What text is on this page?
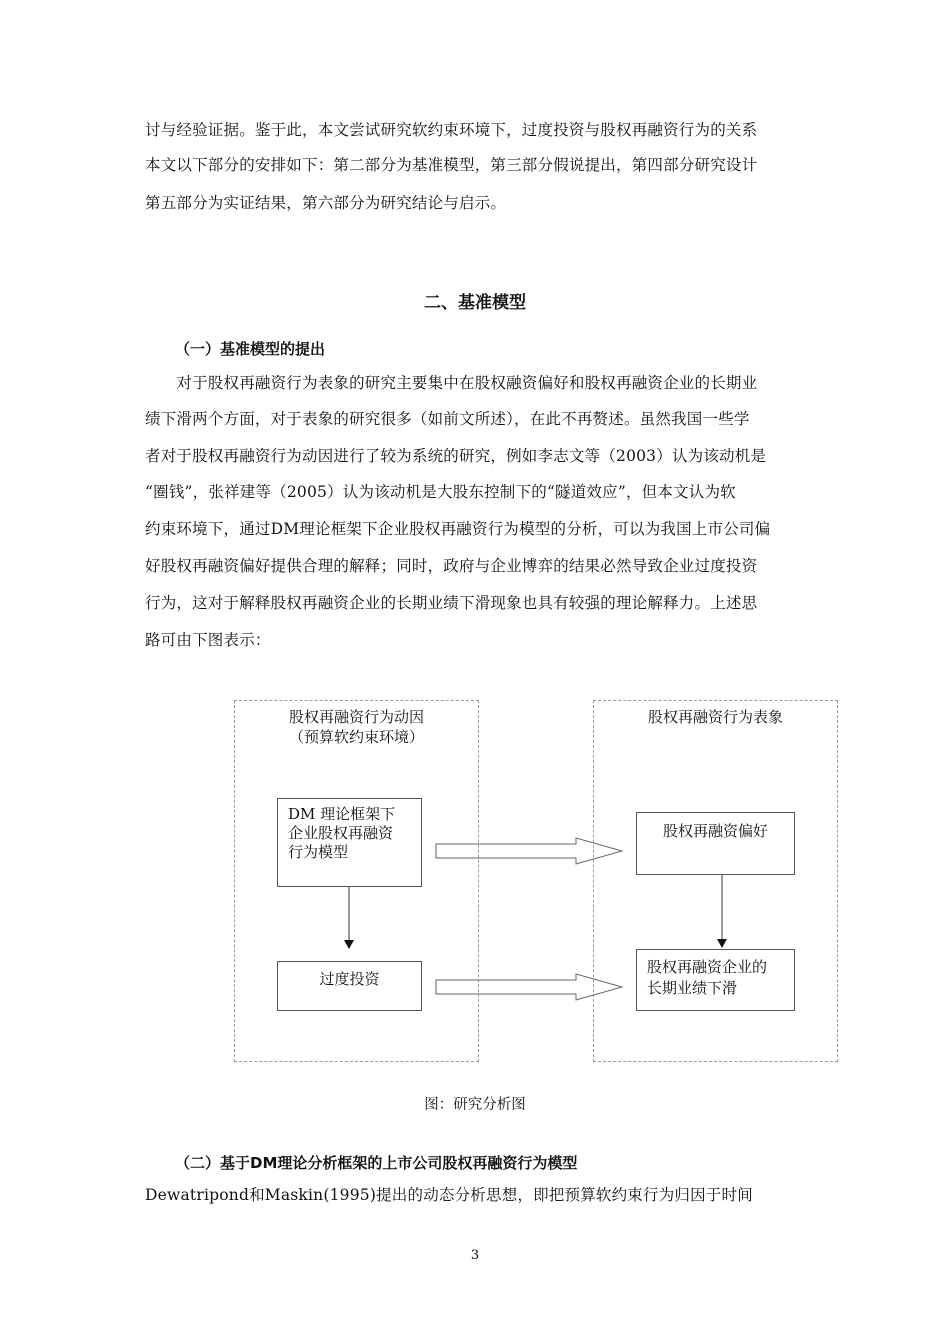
讨与经验证据。鉴于此，本文尝试研究软约束环境下，过度投资与股权再融资行为的关系
本文以下部分的安排如下：第二部分为基准模型，第三部分假说提出，第四部分研究设计
第五部分为实证结果，第六部分为研究结论与启示。
二、基准模型
（一）基准模型的提出
　　对于股权再融资行为表象的研究主要集中在股权融资偏好和股权再融资企业的长期业
绩下滑两个方面，对于表象的研究很多（如前文所述），在此不再赘述。虽然我国一些学
者对于股权再融资行为动因进行了较为系统的研究，例如李志文等（2003）认为该动机是
“圈钱”，张祥建等（2005）认为该动机是大股东控制下的“隧道效应”，但本文认为软
约束环境下，通过DM理论框架下企业股权再融资行为模型的分析，可以为我国上市公司偏
好股权再融资偏好提供合理的解释；同时，政府与企业博弈的结果必然导致企业过度投资
行为，这对于解释股权再融资企业的长期业绩下滑现象也具有较强的理论解释力。上述思
路可由下图表示：
股权再融资行为动因
（预算软约束环境）
股权再融资行为表象
DM 理论框架下
企业股权再融资
行为模型
过度投资
股权再融资偏好
股权再融资企业的
长期业绩下滑
图：研究分析图
（二）基于DM理论分析框架的上市公司股权再融资行为模型
Dewatripond和Maskin(1995)提出的动态分析思想，即把预算软约束行为归因于时间
3
